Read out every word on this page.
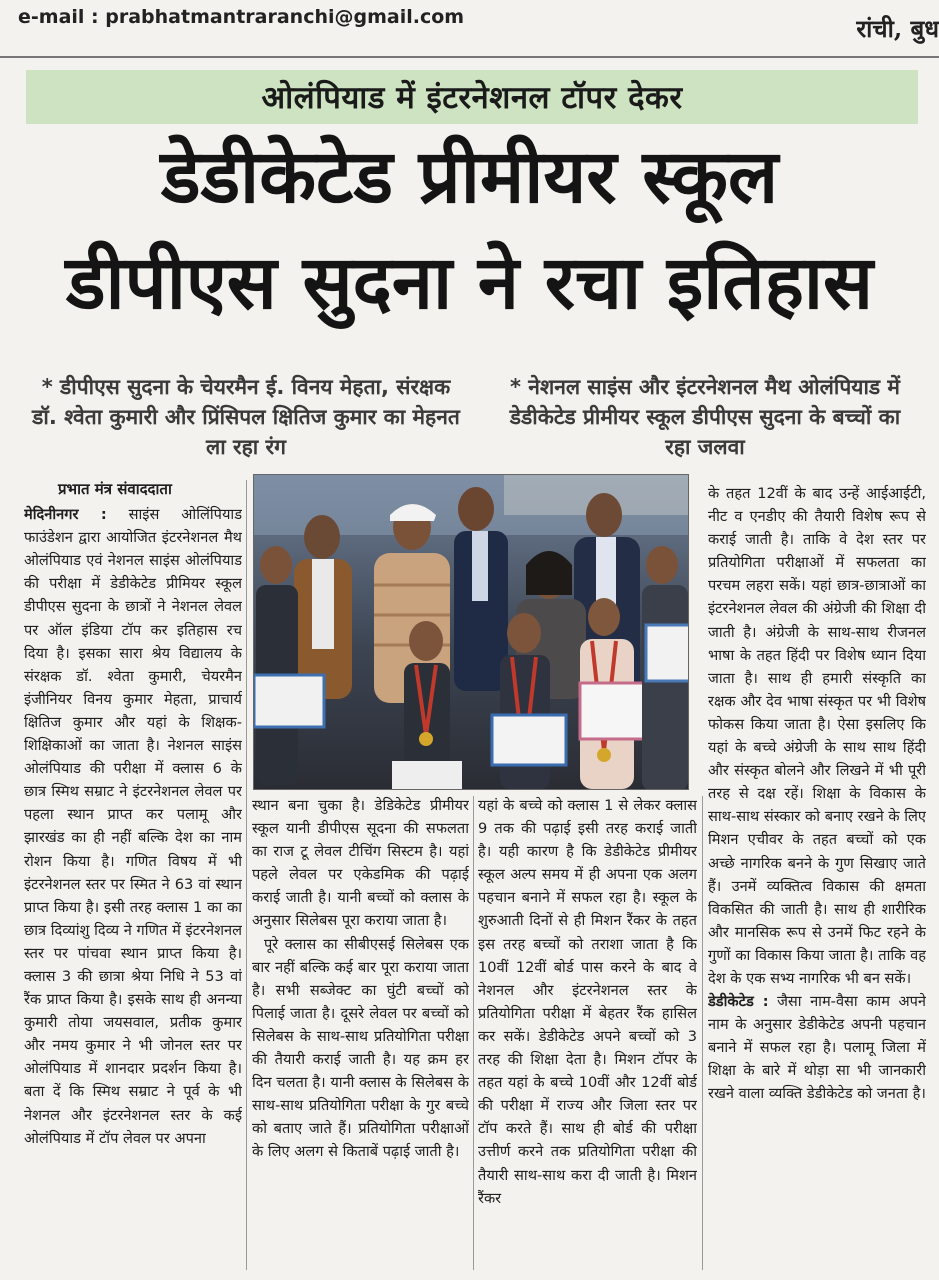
e-mail : prabhatmantraranchi@gmail.com	रांची, बुध
ओलंपियाड में इंटरनेशनल टॉपर देकर
डेडीकेटेड प्रीमीयर स्कूल
डीपीएस सुदना ने रचा इतिहास
* डीपीएस सुदना के चेयरमैन ई. विनय मेहता, संरक्षक डॉ. श्वेता कुमारी और प्रिंसिपल क्षितिज कुमार का मेहनत ला रहा रंग
* नेशनल साइंस और इंटरनेशनल मैथ ओलंपियाड में डेडीकेटेड प्रीमीयर स्कूल डीपीएस सुदना के बच्चों का रहा जलवा
प्रभात मंत्र संवाददाता

मेदिनीनगर : साइंस ओलिंपियाड फाउंडेशन द्वारा आयोजित इंटरनेशनल मैथ ओलंपियाड एवं नेशनल साइंस ओलंपियाड की परीक्षा में डेडीकेटेड प्रीमियर स्कूल डीपीएस सुदना के छात्रों ने नेशनल लेवल पर ऑल इंडिया टॉप कर इतिहास रच दिया है। इसका सारा श्रेय विद्यालय के संरक्षक डॉ. श्वेता कुमारी, चेयरमैन इंजीनियर विनय कुमार मेहता, प्राचार्य क्षितिज कुमार और यहां के शिक्षक-शिक्षिकाओं का जाता है। नेशनल साइंस ओलंपियाड की परीक्षा में क्लास 6 के छात्र स्मिथ सम्राट ने इंटरनेशनल लेवल पर पहला स्थान प्राप्त कर पलामू और झारखंड का ही नहीं बल्कि देश का नाम रोशन किया है। गणित विषय में भी इंटरनेशनल स्तर पर स्मित ने 63 वां स्थान प्राप्त किया है। इसी तरह क्लास 1 का का छात्र दिव्यांशु दिव्य ने गणित में इंटरनेशनल स्तर पर पांचवा स्थान प्राप्त किया है। क्लास 3 की छात्रा श्रेया निधि ने 53 वां रैंक प्राप्त किया है। इसके साथ ही अनन्या कुमारी तोया जयसवाल, प्रतीक कुमार और नमय कुमार ने भी जोनल स्तर पर ओलंपियाड में शानदार प्रदर्शन किया है। बता दें कि स्मिथ सम्राट ने पूर्व के भी नेशनल और इंटरनेशनल स्तर के कई ओलंपियाड में टॉप लेवल पर अपना

स्थान बना चुका है। डेडिकेटेड प्रीमीयर स्कूल यानी डीपीएस सूदना की सफलता का राज टू लेवल टीचिंग सिस्टम है। यहां पहले लेवल पर एकेडमिक की पढ़ाई कराई जाती है। यानी बच्चों को क्लास के अनुसार सिलेबस पूरा कराया जाता है।

पूरे क्लास का सीबीएसई सिलेबस एक बार नहीं बल्कि कई बार पूरा कराया जाता है। सभी सब्जेक्ट का घुंटी बच्चों को पिलाई जाता है। दूसरे लेवल पर बच्चों को सिलेबस के साथ-साथ प्रतियोगिता परीक्षा की तैयारी कराई जाती है। यह क्रम हर दिन चलता है। यानी क्लास के सिलेबस के साथ-साथ प्रतियोगिता परीक्षा के गुर बच्चे को बताए जाते हैं। प्रतियोगिता परीक्षाओं के लिए अलग से किताबें पढ़ाई जाती है।

यहां के बच्चे को क्लास 1 से लेकर क्लास 9 तक की पढ़ाई इसी तरह कराई जाती है। यही कारण है कि डेडीकेटेड प्रीमीयर स्कूल अल्प समय में ही अपना एक अलग पहचान बनाने में सफल रहा है। स्कूल के शुरुआती दिनों से ही मिशन रैंकर के तहत इस तरह बच्चों को तराशा जाता है कि 10वीं 12वीं बोर्ड पास करने के बाद वे नेशनल और इंटरनेशनल स्तर के प्रतियोगिता परीक्षा में बेहतर रैंक हासिल कर सकें। डेडीकेटेड अपने बच्चों को 3 तरह की शिक्षा देता है। मिशन टॉपर के तहत यहां के बच्चे 10वीं और 12वीं बोर्ड की परीक्षा में राज्य और जिला स्तर पर टॉप करते हैं। साथ ही बोर्ड की परीक्षा उत्तीर्ण करने तक प्रतियोगिता परीक्षा की तैयारी साथ-साथ करा दी जाती है। मिशन रैंकर

के तहत 12वीं के बाद उन्हें आईआईटी, नीट व एनडीए की तैयारी विशेष रूप से कराई जाती है। ताकि वे देश स्तर पर प्रतियोगिता परीक्षाओं में सफलता का परचम लहरा सकें। यहां छात्र-छात्राओं का इंटरनेशनल लेवल की अंग्रेजी की शिक्षा दी जाती है। अंग्रेजी के साथ-साथ रीजनल भाषा के तहत हिंदी पर विशेष ध्यान दिया जाता है। साथ ही हमारी संस्कृति का रक्षक और देव भाषा संस्कृत पर भी विशेष फोकस किया जाता है। ऐसा इसलिए कि यहां के बच्चे अंग्रेजी के साथ साथ हिंदी और संस्कृत बोलने और लिखने में भी पूरी तरह से दक्ष रहें। शिक्षा के विकास के साथ-साथ संस्कार को बनाए रखने के लिए मिशन एचीवर के तहत बच्चों को एक अच्छे नागरिक बनने के गुण सिखाए जाते हैं। उनमें व्यक्तित्व विकास की क्षमता विकसित की जाती है। साथ ही शारीरिक और मानसिक रूप से उनमें फिट रहने के गुणों का विकास किया जाता है। ताकि वह देश के एक सभ्य नागरिक भी बन सकें।

डेडीकेटेड : जैसा नाम-वैसा काम अपने नाम के अनुसार डेडीकेटेड अपनी पहचान बनाने में सफल रहा है। पलामू जिला में शिक्षा के बारे में थोड़ा सा भी जानकारी रखने वाला व्यक्ति डेडीकेटेड को जनता है।
